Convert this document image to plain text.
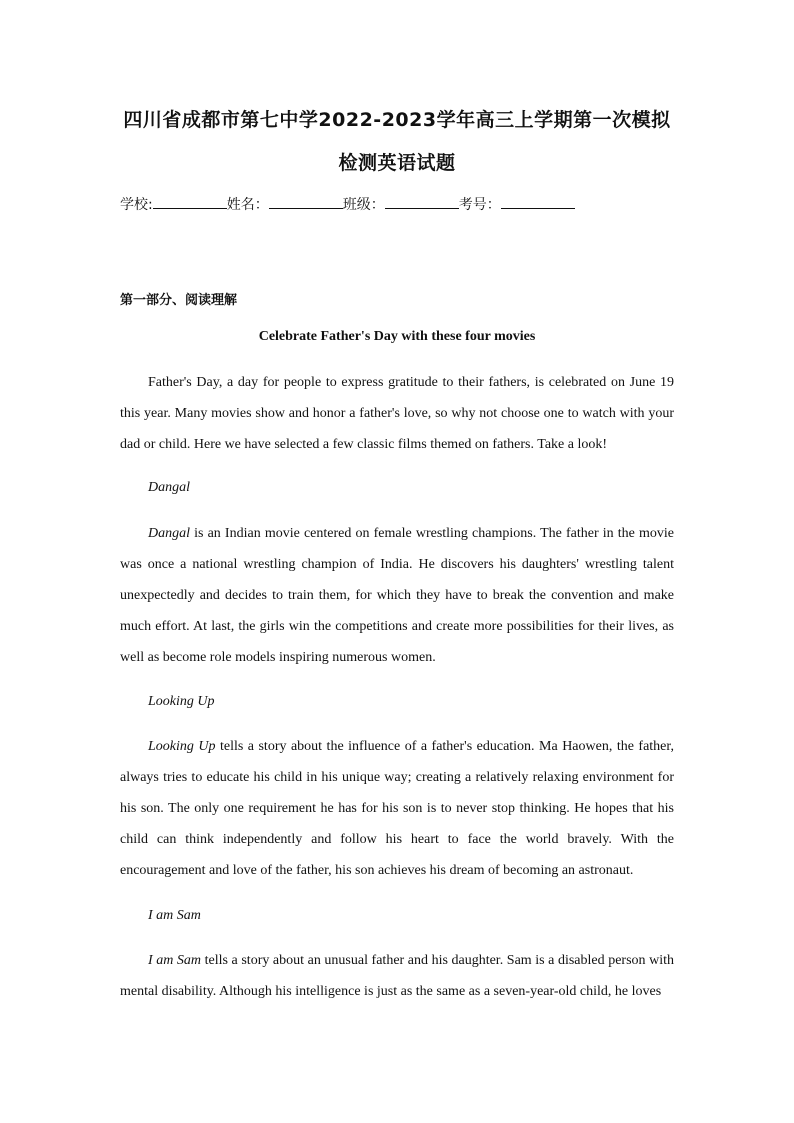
四川省成都市第七中学2022-2023学年高三上学期第一次模拟
检测英语试题
学校:	姓名：	班级：	考号：
第一部分、阅读理解
Celebrate Father's Day with these four movies

Father's Day, a day for people to express gratitude to their fathers, is celebrated on June 19 this year. Many movies show and honor a father's love, so why not choose one to watch with your dad or child. Here we have selected a few classic films themed on fathers. Take a look!

Dangal

Dangal is an Indian movie centered on female wrestling champions. The father in the movie was once a national wrestling champion of India. He discovers his daughters' wrestling talent unexpectedly and decides to train them, for which they have to break the convention and make much effort. At last, the girls win the competitions and create more possibilities for their lives, as well as become role models inspiring numerous women.

Looking Up

Looking Up tells a story about the influence of a father's education. Ma Haowen, the father, always tries to educate his child in his unique way; creating a relatively relaxing environment for his son. The only one requirement he has for his son is to never stop thinking. He hopes that his child can think independently and follow his heart to face the world bravely. With the encouragement and love of the father, his son achieves his dream of becoming an astronaut.

I am Sam

I am Sam tells a story about an unusual father and his daughter. Sam is a disabled person with mental disability. Although his intelligence is just as the same as a seven-year-old child, he loves
